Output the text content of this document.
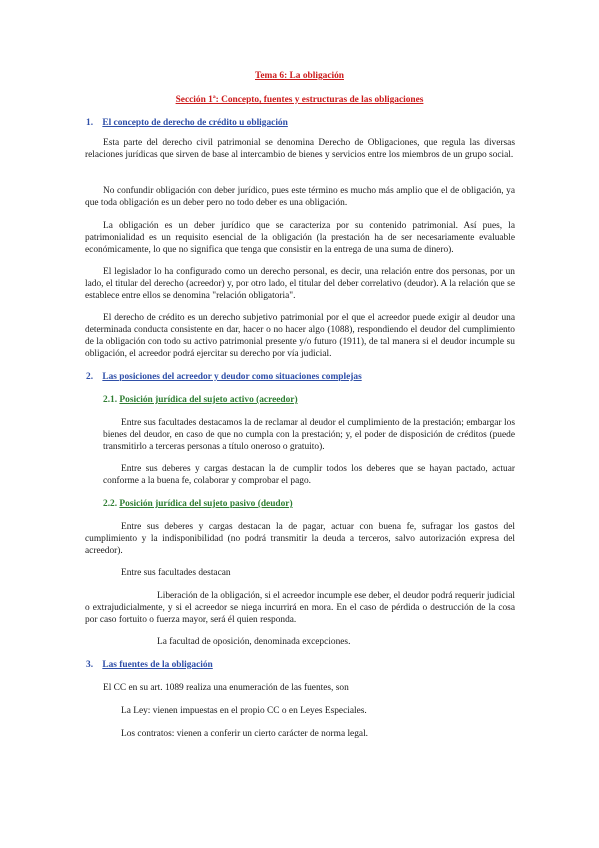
Tema 6: La obligación
Sección 1ª: Concepto, fuentes y estructuras de las obligaciones
1. El concepto de derecho de crédito u obligación
Esta parte del derecho civil patrimonial se denomina Derecho de Obligaciones, que regula las diversas relaciones jurídicas que sirven de base al intercambio de bienes y servicios entre los miembros de un grupo social.
No confundir obligación con deber jurídico, pues este término es mucho más amplio que el de obligación, ya que toda obligación es un deber pero no todo deber es una obligación.
La obligación es un deber jurídico que se caracteriza por su contenido patrimonial. Así pues, la patrimonialidad es un requisito esencial de la obligación (la prestación ha de ser necesariamente evaluable económicamente, lo que no significa que tenga que consistir en la entrega de una suma de dinero).
El legislador lo ha configurado como un derecho personal, es decir, una relación entre dos personas, por un lado, el titular del derecho (acreedor) y, por otro lado, el titular del deber correlativo (deudor). A la relación que se establece entre ellos se denomina "relación obligatoria".
El derecho de crédito es un derecho subjetivo patrimonial por el que el acreedor puede exigir al deudor una determinada conducta consistente en dar, hacer o no hacer algo (1088), respondiendo el deudor del cumplimiento de la obligación con todo su activo patrimonial presente y/o futuro (1911), de tal manera si el deudor incumple su obligación, el acreedor podrá ejercitar su derecho por vía judicial.
2. Las posiciones del acreedor y deudor como situaciones complejas
2.1. Posición jurídica del sujeto activo (acreedor)
Entre sus facultades destacamos la de reclamar al deudor el cumplimiento de la prestación; embargar los bienes del deudor, en caso de que no cumpla con la prestación; y, el poder de disposición de créditos (puede transmitirlo a terceras personas a título oneroso o gratuito).
Entre sus deberes y cargas destacan la de cumplir todos los deberes que se hayan pactado, actuar conforme a la buena fe, colaborar y comprobar el pago.
2.2. Posición jurídica del sujeto pasivo (deudor)
Entre sus deberes y cargas destacan la de pagar, actuar con buena fe, sufragar los gastos del cumplimiento y la indisponibilidad (no podrá transmitir la deuda a terceros, salvo autorización expresa del acreedor).
Entre sus facultades destacan
Liberación de la obligación, si el acreedor incumple ese deber, el deudor podrá requerir judicial o extrajudicialmente, y si el acreedor se niega incurrirá en mora. En el caso de pérdida o destrucción de la cosa por caso fortuito o fuerza mayor, será él quien responda.
La facultad de oposición, denominada excepciones.
3. Las fuentes de la obligación
El CC en su art. 1089 realiza una enumeración de las fuentes, son
La Ley: vienen impuestas en el propio CC o en Leyes Especiales.
Los contratos: vienen a conferir un cierto carácter de norma legal.
